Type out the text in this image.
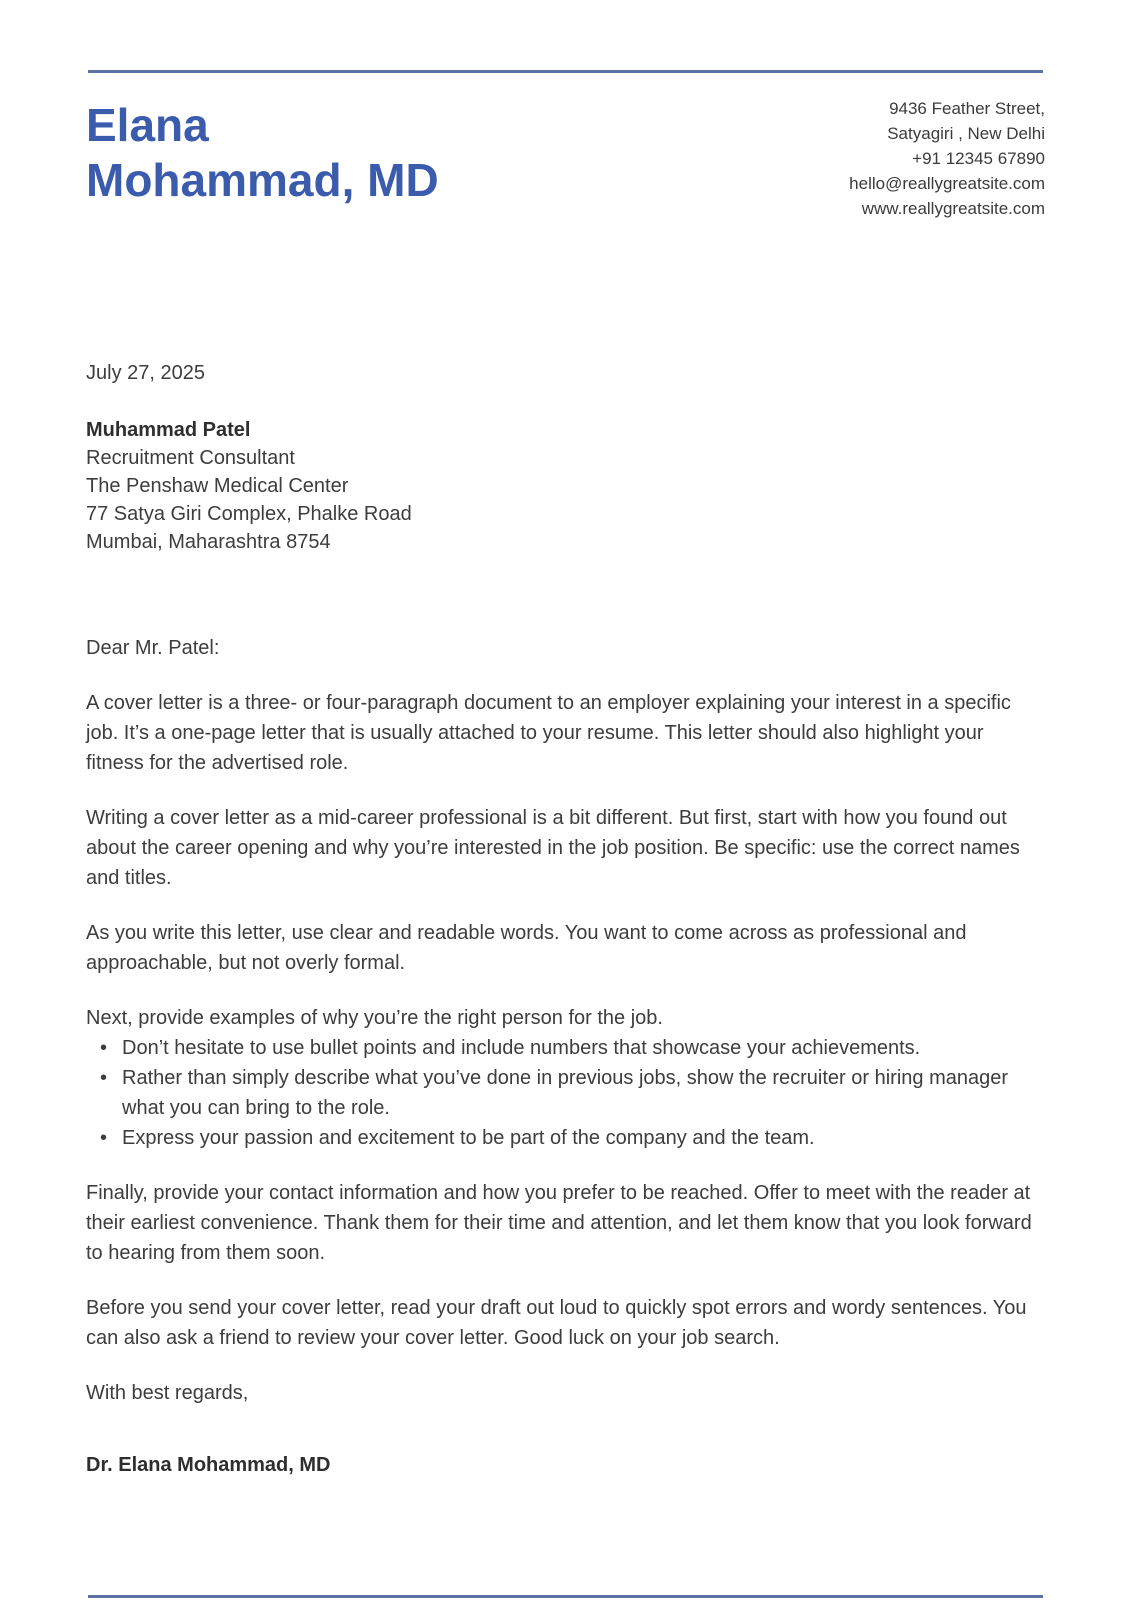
Elana
Mohammad, MD
9436 Feather Street,
Satyagiri , New Delhi
+91 12345 67890
hello@reallygreatsite.com
www.reallygreatsite.com
July 27, 2025
Muhammad Patel
Recruitment Consultant
The Penshaw Medical Center
77 Satya Giri Complex, Phalke Road
Mumbai, Maharashtra 8754

Dear Mr. Patel:

A cover letter is a three- or four-paragraph document to an employer explaining your interest in a specific job. It’s a one-page letter that is usually attached to your resume. This letter should also highlight your fitness for the advertised role.

Writing a cover letter as a mid-career professional is a bit different. But first, start with how you found out about the career opening and why you’re interested in the job position. Be specific: use the correct names and titles.

As you write this letter, use clear and readable words. You want to come across as professional and approachable, but not overly formal.

Next, provide examples of why you’re the right person for the job.

• Don’t hesitate to use bullet points and include numbers that showcase your achievements.
• Rather than simply describe what you’ve done in previous jobs, show the recruiter or hiring manager what you can bring to the role.
• Express your passion and excitement to be part of the company and the team.

Finally, provide your contact information and how you prefer to be reached. Offer to meet with the reader at their earliest convenience. Thank them for their time and attention, and let them know that you look forward to hearing from them soon.

Before you send your cover letter, read your draft out loud to quickly spot errors and wordy sentences. You can also ask a friend to review your cover letter. Good luck on your job search.

With best regards,

Dr. Elana Mohammad, MD
